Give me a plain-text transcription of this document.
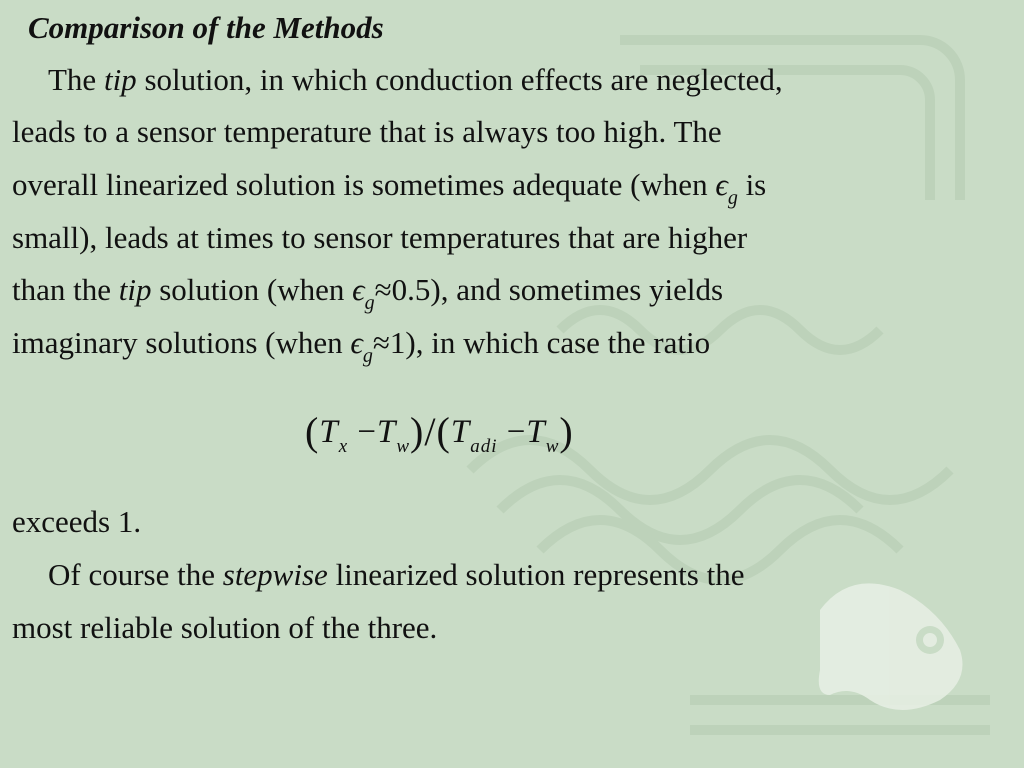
Comparison of the Methods
The tip solution, in which conduction effects are neglected,
leads to a sensor temperature that is always too high. The
overall linearized solution is sometimes adequate (when $\epsilon_g$ is
small), leads at times to sensor temperatures that are higher
than the tip solution (when $\epsilon_g\approx 0.5$), and sometimes yields
imaginary solutions (when $\epsilon_g\approx 1$), in which case the ratio
$(T_x -T_w)/(T_{adi} -T_w)$
exceeds 1.
Of course the stepwise linearized solution represents the
most reliable solution of the three.
